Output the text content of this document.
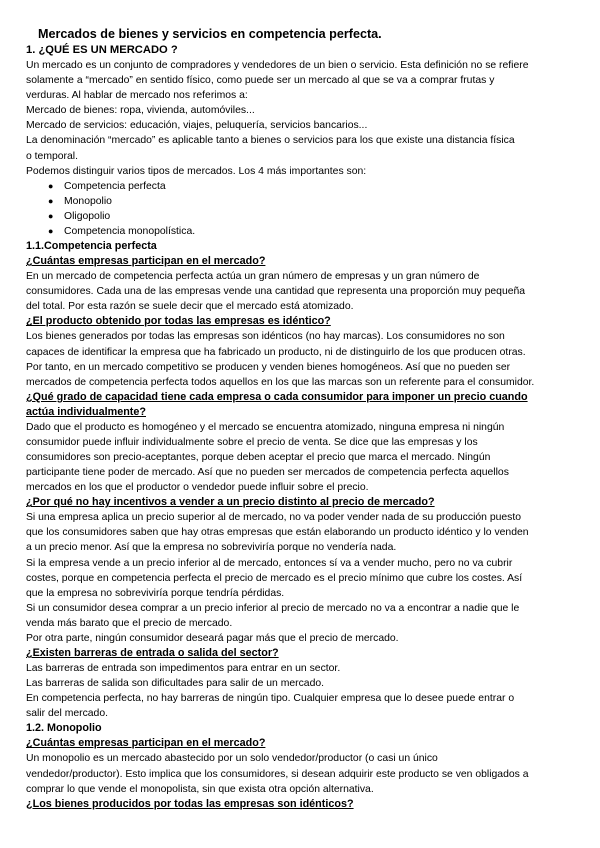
Mercados de bienes y servicios en competencia perfecta.
1. ¿QUÉ ES UN MERCADO ?
Un mercado es un conjunto de compradores y vendedores de un bien o servicio. Esta definición no se refiere
solamente a “mercado” en sentido físico, como puede ser un mercado al que se va a comprar frutas y
verduras. Al hablar de mercado nos referimos a:
Mercado de bienes: ropa, vivienda, automóviles...
Mercado de servicios: educación, viajes, peluquería, servicios bancarios...
La denominación “mercado” es aplicable tanto a bienes o servicios para los que existe una distancia física
o temporal.
Podemos distinguir varios tipos de mercados. Los 4 más importantes son:
● Competencia perfecta
● Monopolio
● Oligopolio
● Competencia monopolística.
1.1.Competencia perfecta
¿Cuántas empresas participan en el mercado?
En un mercado de competencia perfecta actúa un gran número de empresas y un gran número de
consumidores. Cada una de las empresas vende una cantidad que representa una proporción muy pequeña
del total. Por esta razón se suele decir que el mercado está atomizado.
¿El producto obtenido por todas las empresas es idéntico?
Los bienes generados por todas las empresas son idénticos (no hay marcas). Los consumidores no son
capaces de identificar la empresa que ha fabricado un producto, ni de distinguirlo de los que producen otras.
Por tanto, en un mercado competitivo se producen y venden bienes homogéneos. Así que no pueden ser
mercados de competencia perfecta todos aquellos en los que las marcas son un referente para el consumidor.
¿Qué grado de capacidad tiene cada empresa o cada consumidor para imponer un precio cuando
actúa individualmente?
Dado que el producto es homogéneo y el mercado se encuentra atomizado, ninguna empresa ni ningún
consumidor puede influir individualmente sobre el precio de venta. Se dice que las empresas y los
consumidores son precio-aceptantes, porque deben aceptar el precio que marca el mercado. Ningún
participante tiene poder de mercado. Así que no pueden ser mercados de competencia perfecta aquellos
mercados en los que el productor o vendedor puede influir sobre el precio.
¿Por qué no hay incentivos a vender a un precio distinto al precio de mercado?
Si una empresa aplica un precio superior al de mercado, no va poder vender nada de su producción puesto
que los consumidores saben que hay otras empresas que están elaborando un producto idéntico y lo venden
a un precio menor. Así que la empresa no sobreviviría porque no vendería nada.
Si la empresa vende a un precio inferior al de mercado, entonces sí va a vender mucho, pero no va cubrir
costes, porque en competencia perfecta el precio de mercado es el precio mínimo que cubre los costes. Así
que la empresa no sobreviviría porque tendría pérdidas.
Si un consumidor desea comprar a un precio inferior al precio de mercado no va a encontrar a nadie que le
venda más barato que el precio de mercado.
Por otra parte, ningún consumidor deseará pagar más que el precio de mercado.
¿Existen barreras de entrada o salida del sector?
Las barreras de entrada son impedimentos para entrar en un sector.
Las barreras de salida son dificultades para salir de un mercado.
En competencia perfecta, no hay barreras de ningún tipo. Cualquier empresa que lo desee puede entrar o
salir del mercado.
1.2. Monopolio
¿Cuántas empresas participan en el mercado?
Un monopolio es un mercado abastecido por un solo vendedor/productor (o casi un único
vendedor/productor). Esto implica que los consumidores, si desean adquirir este producto se ven obligados a
comprar lo que vende el monopolista, sin que exista otra opción alternativa.
¿Los bienes producidos por todas las empresas son idénticos?
